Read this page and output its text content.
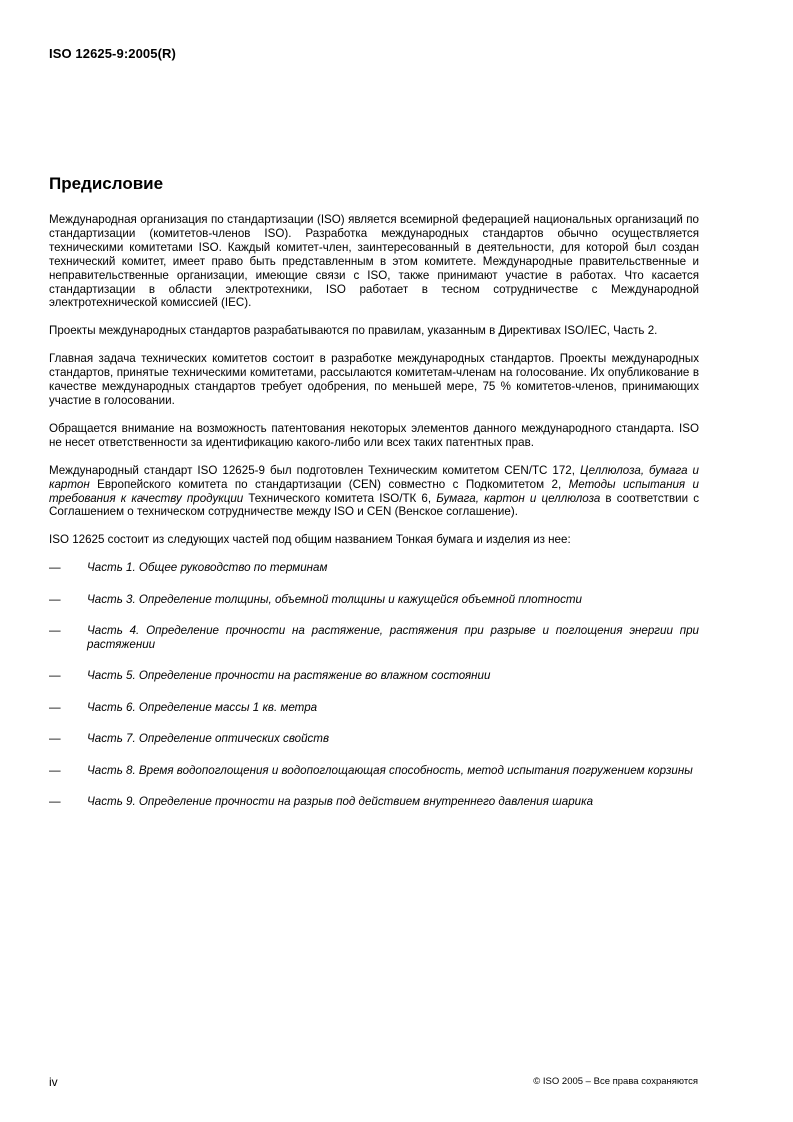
ISO 12625-9:2005(R)
Предисловие

Международная организация по стандартизации (ISO) является всемирной федерацией национальных организаций по стандартизации (комитетов-членов ISO). Разработка международных стандартов обычно осуществляется техническими комитетами ISO. Каждый комитет-член, заинтересованный в деятельности, для которой был создан технический комитет, имеет право быть представленным в этом комитете. Международные правительственные и неправительственные организации, имеющие связи с ISO, также принимают участие в работах. Что касается стандартизации в области электротехники, ISO работает в тесном сотрудничестве с Международной электротехнической комиссией (IEC).

Проекты международных стандартов разрабатываются по правилам, указанным в Директивах ISO/IEC, Часть 2.

Главная задача технических комитетов состоит в разработке международных стандартов. Проекты международных стандартов, принятые техническими комитетами, рассылаются комитетам-членам на голосование. Их опубликование в качестве международных стандартов требует одобрения, по меньшей мере, 75 % комитетов-членов, принимающих участие в голосовании.

Обращается внимание на возможность патентования некоторых элементов данного международного стандарта. ISO не несет ответственности за идентификацию какого-либо или всех таких патентных прав.

Международный стандарт ISO 12625-9 был подготовлен Техническим комитетом CEN/TC 172, Целлюлоза, бумага и картон Европейского комитета по стандартизации (CEN) совместно с Подкомитетом 2, Методы испытания и требования к качеству продукции Технического комитета ISO/ТК 6, Бумага, картон и целлюлоза в соответствии с Соглашением о техническом сотрудничестве между ISO и CEN (Венское соглашение).

ISO 12625 состоит из следующих частей под общим названием Тонкая бумага и изделия из нее:

—	Часть 1. Общее руководство по терминам
—	Часть 3. Определение толщины, объемной толщины и кажущейся объемной плотности
—	Часть 4. Определение прочности на растяжение, растяжения при разрыве и поглощения энергии при растяжении
—	Часть 5. Определение прочности на растяжение во влажном состоянии
—	Часть 6. Определение массы 1 кв. метра
—	Часть 7. Определение оптических свойств
—	Часть 8. Время водопоглощения и водопоглощающая способность, метод испытания погружением корзины
—	Часть 9. Определение прочности на разрыв под действием внутреннего давления шарика
iv	© ISO 2005 – Все права сохраняются
